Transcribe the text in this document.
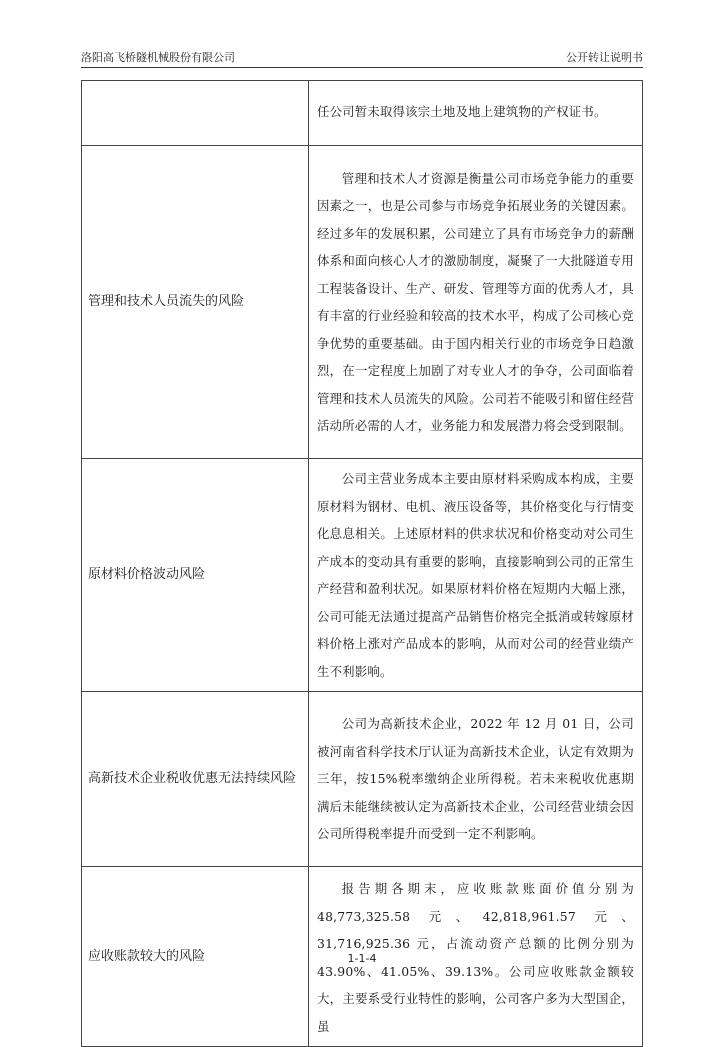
洛阳高飞桥隧机械股份有限公司	公开转让说明书
	任公司暂未取得该宗土地及地上建筑物的产权证书。
管理和技术人员流失的风险	管理和技术人才资源是衡量公司市场竞争能力的重要因素之一，也是公司参与市场竞争拓展业务的关键因素。经过多年的发展积累，公司建立了具有市场竞争力的薪酬体系和面向核心人才的激励制度，凝聚了一大批隧道专用工程装备设计、生产、研发、管理等方面的优秀人才，具有丰富的行业经验和较高的技术水平，构成了公司核心竞争优势的重要基础。由于国内相关行业的市场竞争日趋激烈，在一定程度上加剧了对专业人才的争夺，公司面临着管理和技术人员流失的风险。公司若不能吸引和留住经营活动所必需的人才，业务能力和发展潜力将会受到限制。
原材料价格波动风险	公司主营业务成本主要由原材料采购成本构成，主要原材料为钢材、电机、液压设备等，其价格变化与行情变化息息相关。上述原材料的供求状况和价格变动对公司生产成本的变动具有重要的影响，直接影响到公司的正常生产经营和盈利状况。如果原材料价格在短期内大幅上涨，公司可能无法通过提高产品销售价格完全抵消或转嫁原材料价格上涨对产品成本的影响，从而对公司的经营业绩产生不利影响。
高新技术企业税收优惠无法持续风险	公司为高新技术企业，2022 年 12 月 01 日，公司被河南省科学技术厅认证为高新技术企业，认定有效期为三年，按15%税率缴纳企业所得税。若未来税收优惠期满后未能继续被认定为高新技术企业，公司经营业绩会因公司所得税率提升而受到一定不利影响。
应收账款较大的风险	报告期各期末，应收账款账面价值分别为 48,773,325.58 元、42,818,961.57 元、31,716,925.36 元，占流动资产总额的比例分别为 43.90%、41.05%、39.13%。公司应收账款金额较大，主要系受行业特性的影响，公司客户多为大型国企，虽
1-1-4
